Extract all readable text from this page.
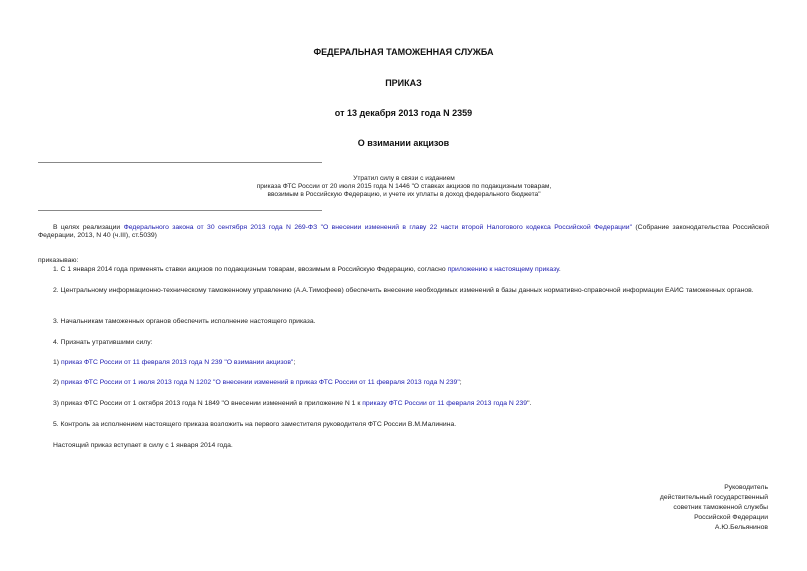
ФЕДЕРАЛЬНАЯ ТАМОЖЕННАЯ СЛУЖБА
ПРИКАЗ
от 13 декабря 2013 года N 2359
О взимании акцизов
Утратил силу в связи с изданием
приказа ФТС России от 20 июля 2015 года N 1446 "О ставках акцизов по подакцизным товарам,
ввозимым в Российскую Федерацию, и учете их уплаты в доход федерального бюджета"
В целях реализации Федерального закона от 30 сентября 2013 года N 269-ФЗ "О внесении изменений в главу 22 части второй Налогового кодекса Российской Федерации" (Собрание законодательства Российской Федерации, 2013, N 40 (ч.III), ст.5039)
приказываю:
1. С 1 января 2014 года применять ставки акцизов по подакцизным товарам, ввозимым в Российскую Федерацию, согласно приложению к настоящему приказу.
2. Центральному информационно-техническому таможенному управлению (А.А.Тимофеев) обеспечить внесение необходимых изменений в базы данных нормативно-справочной информации ЕАИС таможенных органов.
3. Начальникам таможенных органов обеспечить исполнение настоящего приказа.
4. Признать утратившими силу:
1) приказ ФТС России от 11 февраля 2013 года N 239 "О взимании акцизов";
2) приказ ФТС России от 1 июля 2013 года N 1202 "О внесении изменений в приказ ФТС России от 11 февраля 2013 года N 239";
3) приказ ФТС России от 1 октября 2013 года N 1849 "О внесении изменений в приложение N 1 к приказу ФТС России от 11 февраля 2013 года N 239".
5. Контроль за исполнением настоящего приказа возложить на первого заместителя руководителя ФТС России В.М.Малинина.
Настоящий приказ вступает в силу с 1 января 2014 года.
Руководитель
действительный государственный
советник таможенной службы
Российской Федерации
А.Ю.Бельянинов
